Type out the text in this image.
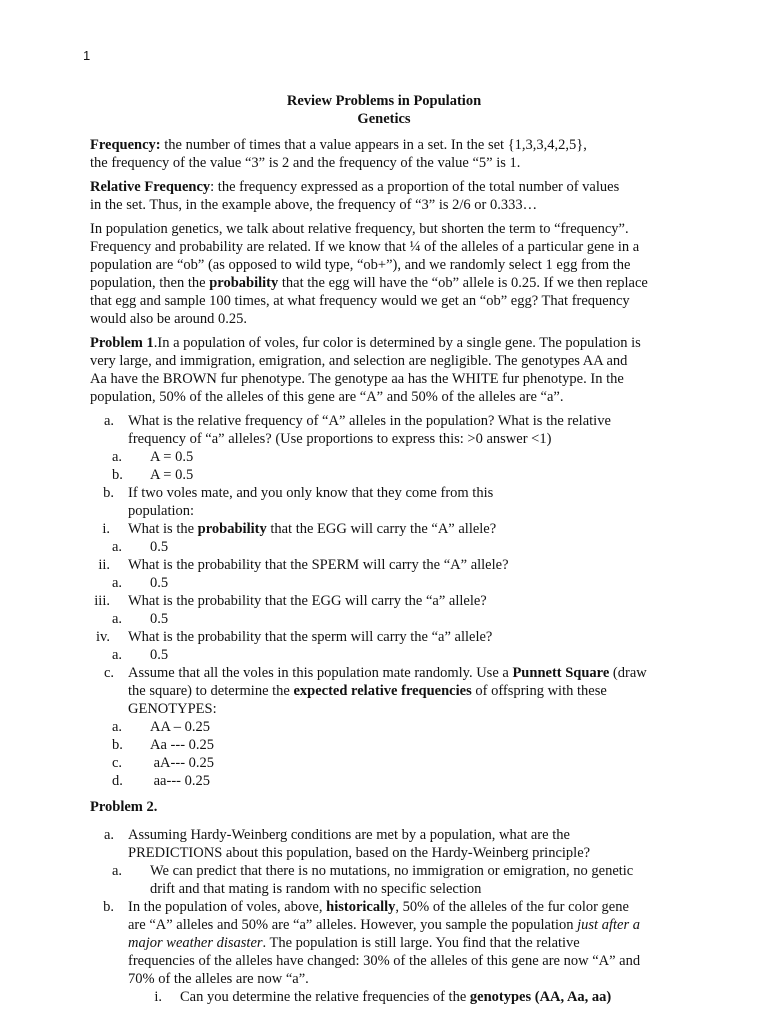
1
Review Problems in Population
Genetics
Frequency: the number of times that a value appears in a set. In the set {1,3,3,4,2,5},
the frequency of the value “3” is 2 and the frequency of the value “5” is 1.
Relative Frequency: the frequency expressed as a proportion of the total number of values
in the set. Thus, in the example above, the frequency of “3” is 2/6 or 0.333…
In population genetics, we talk about relative frequency, but shorten the term to “frequency”.
Frequency and probability are related. If we know that ¼ of the alleles of a particular gene in a
population are “ob” (as opposed to wild type, “ob+”), and we randomly select 1 egg from the
population, then the probability that the egg will have the “ob” allele is 0.25. If we then replace
that egg and sample 100 times, at what frequency would we get an “ob” egg? That frequency
would also be around 0.25.
Problem 1.In a population of voles, fur color is determined by a single gene. The population is
very large, and immigration, emigration, and selection are negligible. The genotypes AA and
Aa have the BROWN fur phenotype. The genotype aa has the WHITE fur phenotype. In the
population, 50% of the alleles of this gene are “A” and 50% of the alleles are “a”.
a. What is the relative frequency of “A” alleles in the population? What is the relative
frequency of “a” alleles? (Use proportions to express this: >0 answer <1)
a.	A = 0.5
b.	A = 0.5
b. If two voles mate, and you only know that they come from this
population:
i. What is the probability that the EGG will carry the “A” allele?
a.	0.5
ii. What is the probability that the SPERM will carry the “A” allele?
a.	0.5
iii. What is the probability that the EGG will carry the “a” allele?
a.	0.5
iv. What is the probability that the sperm will carry the “a” allele?
a.	0.5
c. Assume that all the voles in this population mate randomly. Use a Punnett Square (draw
the square) to determine the expected relative frequencies of offspring with these
GENOTYPES:
a.	AA – 0.25
b.	Aa --- 0.25
c.	aA--- 0.25
d.	aa--- 0.25
Problem 2.
a. Assuming Hardy-Weinberg conditions are met by a population, what are the
PREDICTIONS about this population, based on the Hardy-Weinberg principle?
a.	We can predict that there is no mutations, no immigration or emigration, no genetic
drift and that mating is random with no specific selection
b. In the population of voles, above, historically, 50% of the alleles of the fur color gene
are “A” alleles and 50% are “a” alleles. However, you sample the population just after a
major weather disaster. The population is still large. You find that the relative
frequencies of the alleles have changed: 30% of the alleles of this gene are now “A” and
70% of the alleles are now “a”.
i. Can you determine the relative frequencies of the genotypes (AA, Aa, aa)
